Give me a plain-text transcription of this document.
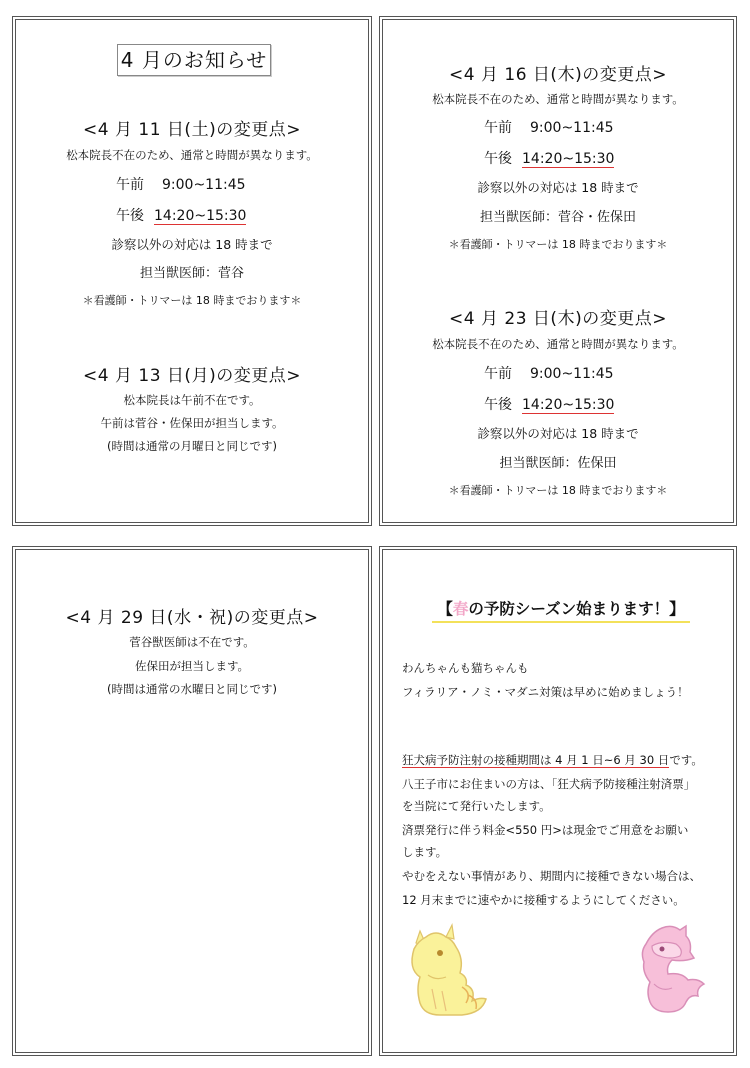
4 月のお知らせ
<4 月 11 日(土)の変更点>
松本院長不在のため、通常と時間が異なります。
午前 9:00~11:45
午後 14:20~15:30
診察以外の対応は 18 時まで
担当獣医師：菅谷
＊看護師・トリマーは 18 時までおります＊
<4 月 13 日(月)の変更点>
松本院長は午前不在です。
午前は菅谷・佐保田が担当します。
(時間は通常の月曜日と同じです)
<4 月 16 日(木)の変更点>
松本院長不在のため、通常と時間が異なります。
午前 9:00~11:45
午後 14:20~15:30
診察以外の対応は 18 時まで
担当獣医師：菅谷・佐保田
＊看護師・トリマーは 18 時までおります＊
<4 月 23 日(木)の変更点>
松本院長不在のため、通常と時間が異なります。
午前 9:00~11:45
午後 14:20~15:30
診察以外の対応は 18 時まで
担当獣医師：佐保田
＊看護師・トリマーは 18 時までおります＊
<4 月 29 日(水・祝)の変更点>
菅谷獣医師は不在です。
佐保田が担当します。
(時間は通常の水曜日と同じです)
【春の予防シーズン始まります！】
わんちゃんも猫ちゃんも
フィラリア・ノミ・マダニ対策は早めに始めましょう！
狂犬病予防注射の接種期間は 4 月 1 日~6 月 30 日です。
八王子市にお住まいの方は、「狂犬病予防接種注射済票」
を当院にて発行いたします。
済票発行に伴う料金<550 円>は現金でご用意をお願い
します。
やむをえない事情があり、期間内に接種できない場合は、
12 月末までに速やかに接種するようにしてください。
